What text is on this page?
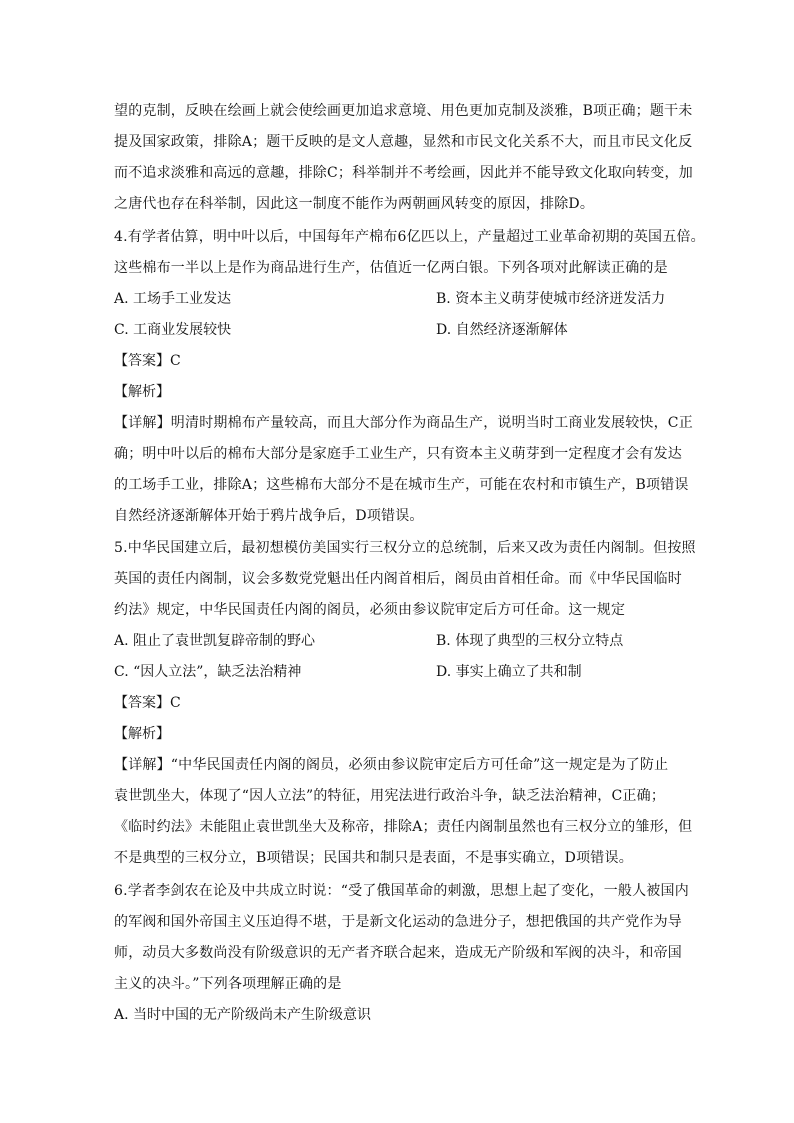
望的克制，反映在绘画上就会使绘画更加追求意境、用色更加克制及淡雅，B项正确；题干未
提及国家政策，排除A；题干反映的是文人意趣，显然和市民文化关系不大，而且市民文化反
而不追求淡雅和高远的意趣，排除C；科举制并不考绘画，因此并不能导致文化取向转变，加
之唐代也存在科举制，因此这一制度不能作为两朝画风转变的原因，排除D。
4.有学者估算，明中叶以后，中国每年产棉布6亿匹以上，产量超过工业革命初期的英国五倍。
这些棉布一半以上是作为商品进行生产，估值近一亿两白银。下列各项对此解读正确的是
A. 工场手工业发达	B. 资本主义萌芽使城市经济迸发活力
C. 工商业发展较快	D. 自然经济逐渐解体
【答案】C
【解析】
【详解】明清时期棉布产量较高，而且大部分作为商品生产，说明当时工商业发展较快，C正
确；明中叶以后的棉布大部分是家庭手工业生产，只有资本主义萌芽到一定程度才会有发达
的工场手工业，排除A；这些棉布大部分不是在城市生产，可能在农村和市镇生产，B项错误
自然经济逐渐解体开始于鸦片战争后，D项错误。
5.中华民国建立后，最初想模仿美国实行三权分立的总统制，后来又改为责任内阁制。但按照
英国的责任内阁制，议会多数党党魁出任内阁首相后，阁员由首相任命。而《中华民国临时
约法》规定，中华民国责任内阁的阁员，必须由参议院审定后方可任命。这一规定
A. 阻止了袁世凯复辟帝制的野心	B. 体现了典型的三权分立特点
C. “因人立法”，缺乏法治精神	D. 事实上确立了共和制
【答案】C
【解析】
【详解】“中华民国责任内阁的阁员，必须由参议院审定后方可任命”这一规定是为了防止
袁世凯坐大，体现了“因人立法”的特征，用宪法进行政治斗争，缺乏法治精神，C正确；
《临时约法》未能阻止袁世凯坐大及称帝，排除A；责任内阁制虽然也有三权分立的雏形，但
不是典型的三权分立，B项错误；民国共和制只是表面，不是事实确立，D项错误。
6.学者李剑农在论及中共成立时说：“受了俄国革命的刺激，思想上起了变化，一般人被国内
的军阀和国外帝国主义压迫得不堪，于是新文化运动的急进分子，想把俄国的共产党作为导
师，动员大多数尚没有阶级意识的无产者齐联合起来，造成无产阶级和军阀的决斗，和帝国
主义的决斗。”下列各项理解正确的是
A. 当时中国的无产阶级尚未产生阶级意识
